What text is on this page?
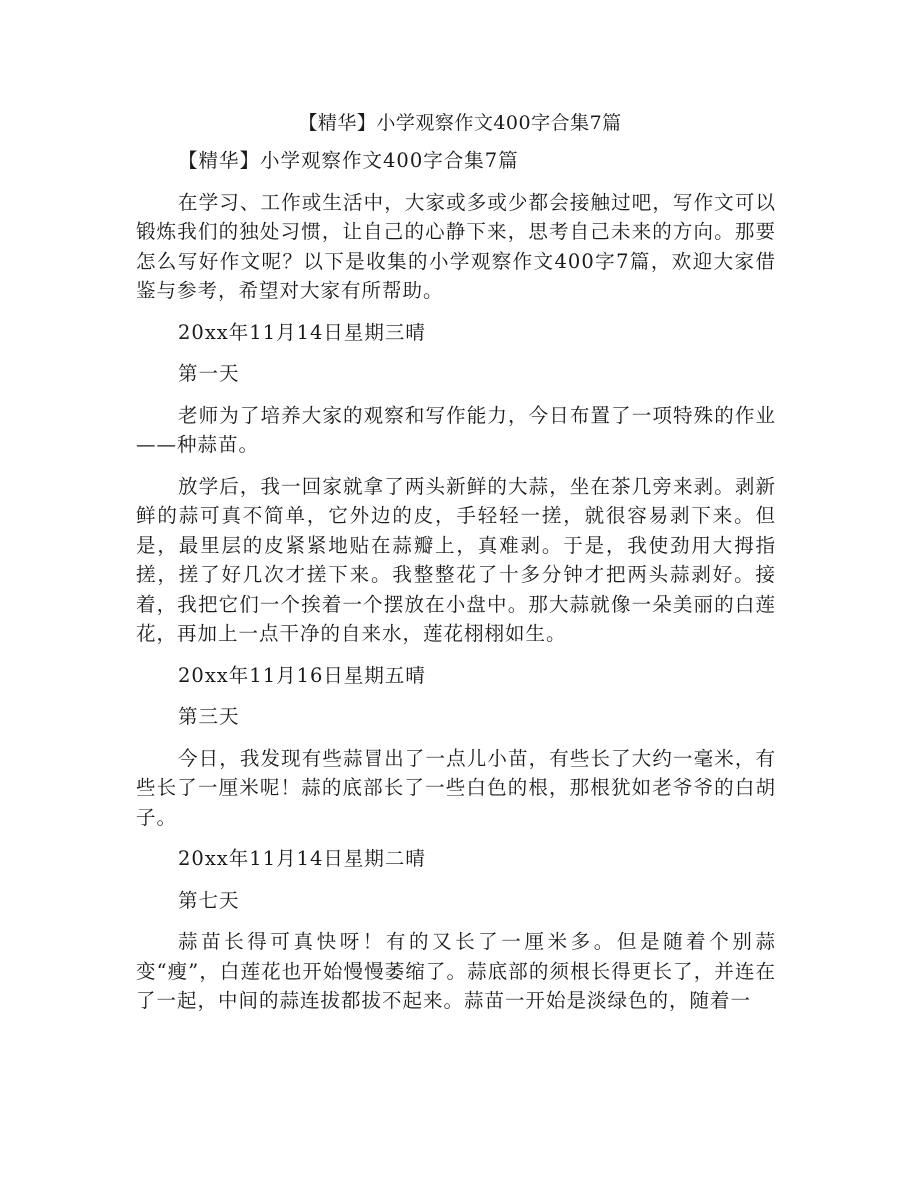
【精华】小学观察作文400字合集7篇

【精华】小学观察作文400字合集7篇

在学习、工作或生活中，大家或多或少都会接触过吧，写作文可以锻炼我们的独处习惯，让自己的心静下来，思考自己未来的方向。那要怎么写好作文呢？以下是收集的小学观察作文400字7篇，欢迎大家借鉴与参考，希望对大家有所帮助。

20xx年11月14日星期三晴

第一天

老师为了培养大家的观察和写作能力，今日布置了一项特殊的作业——种蒜苗。

放学后，我一回家就拿了两头新鲜的大蒜，坐在茶几旁来剥。剥新鲜的蒜可真不简单，它外边的皮，手轻轻一搓，就很容易剥下来。但是，最里层的皮紧紧地贴在蒜瓣上，真难剥。于是，我使劲用大拇指搓，搓了好几次才搓下来。我整整花了十多分钟才把两头蒜剥好。接着，我把它们一个挨着一个摆放在小盘中。那大蒜就像一朵美丽的白莲花，再加上一点干净的自来水，莲花栩栩如生。

20xx年11月16日星期五晴

第三天

今日，我发现有些蒜冒出了一点儿小苗，有些长了大约一毫米，有些长了一厘米呢！蒜的底部长了一些白色的根，那根犹如老爷爷的白胡子。

20xx年11月14日星期二晴

第七天

蒜苗长得可真快呀！有的又长了一厘米多。但是随着个别蒜变“瘦”，白莲花也开始慢慢萎缩了。蒜底部的须根长得更长了，并连在了一起，中间的蒜连拔都拔不起来。蒜苗一开始是淡绿色的，随着一
